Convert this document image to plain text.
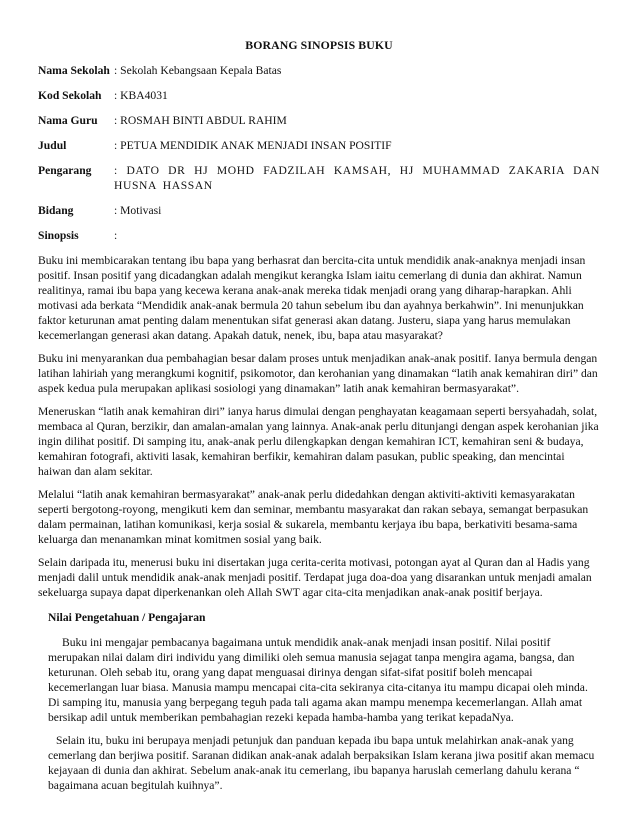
BORANG SINOPSIS BUKU
Nama Sekolah : Sekolah Kebangsaan Kepala Batas
Kod Sekolah	: KBA4031
Nama Guru	: ROSMAH BINTI ABDUL RAHIM
Judul	: PETUA MENDIDIK ANAK MENJADI INSAN POSITIF
Pengarang	: DATO DR HJ MOHD FADZILAH KAMSAH, HJ MUHAMMAD ZAKARIA DAN HUSNA HASSAN
Bidang	: Motivasi
Sinopsis	:

Buku ini membicarakan tentang ibu bapa yang berhasrat dan bercita-cita untuk mendidik anak-anaknya menjadi insan positif. Insan positif yang dicadangkan adalah mengikut kerangka Islam iaitu cemerlang di dunia dan akhirat. Namun realitinya, ramai ibu bapa yang kecewa kerana anak-anak mereka tidak menjadi orang yang diharap-harapkan. Ahli motivasi ada berkata “Mendidik anak-anak bermula 20 tahun sebelum ibu dan ayahnya berkahwin”. Ini menunjukkan faktor keturunan amat penting dalam menentukan sifat generasi akan datang. Justeru, siapa yang harus memulakan kecemerlangan generasi akan datang. Apakah datuk, nenek, ibu, bapa atau masyarakat?

Buku ini menyarankan dua pembahagian besar dalam proses untuk menjadikan anak-anak positif. Ianya bermula dengan latihan lahiriah yang merangkumi kognitif, psikomotor, dan kerohanian yang dinamakan “latih anak kemahiran diri” dan aspek kedua pula merupakan aplikasi sosiologi yang dinamakan” latih anak kemahiran bermasyarakat”.

Meneruskan “latih anak kemahiran diri” ianya harus dimulai dengan penghayatan keagamaan seperti bersyahadah, solat, membaca al Quran, berzikir, dan amalan-amalan yang lainnya. Anak-anak perlu ditunjangi dengan aspek kerohanian jika ingin dilihat positif. Di samping itu, anak-anak perlu dilengkapkan dengan kemahiran ICT, kemahiran seni & budaya, kemahiran fotografi, aktiviti lasak, kemahiran berfikir, kemahiran dalam pasukan, public speaking, dan mencintai haiwan dan alam sekitar.

Melalui “latih anak kemahiran bermasyarakat” anak-anak perlu didedahkan dengan aktiviti-aktiviti kemasyarakatan seperti bergotong-royong, mengikuti kem dan seminar, membantu masyarakat dan rakan sebaya, semangat berpasukan dalam permainan, latihan komunikasi, kerja sosial & sukarela, membantu kerjaya ibu bapa, berkativiti besama-sama keluarga dan menanamkan minat komitmen sosial yang baik.

Selain daripada itu, menerusi buku ini disertakan juga cerita-cerita motivasi, potongan ayat al Quran dan al Hadis yang menjadi dalil untuk mendidik anak-anak menjadi positif. Terdapat juga doa-doa yang disarankan untuk menjadi amalan sekeluarga supaya dapat diperkenankan oleh Allah SWT agar cita-cita menjadikan anak-anak positif berjaya.

Nilai Pengetahuan / Pengajaran

Buku ini mengajar pembacanya bagaimana untuk mendidik anak-anak menjadi insan positif. Nilai positif merupakan nilai dalam diri individu yang dimiliki oleh semua manusia sejagat tanpa mengira agama, bangsa, dan keturunan. Oleh sebab itu, orang yang dapat menguasai dirinya dengan sifat-sifat positif boleh mencapai kecemerlangan luar biasa. Manusia mampu mencapai cita-cita sekiranya cita-citanya itu mampu dicapai oleh minda. Di samping itu, manusia yang berpegang teguh pada tali agama akan mampu menempa kecemerlangan. Allah amat bersikap adil untuk memberikan pembahagian rezeki kepada hamba-hamba yang terikat kepadaNya.

Selain itu, buku ini berupaya menjadi petunjuk dan panduan kepada ibu bapa untuk melahirkan anak-anak yang cemerlang dan berjiwa positif. Saranan didikan anak-anak adalah berpaksikan Islam kerana jiwa positif akan memacu kejayaan di dunia dan akhirat. Sebelum anak-anak itu cemerlang, ibu bapanya haruslah cemerlang dahulu kerana “ bagaimana acuan begitulah kuihnya”.
